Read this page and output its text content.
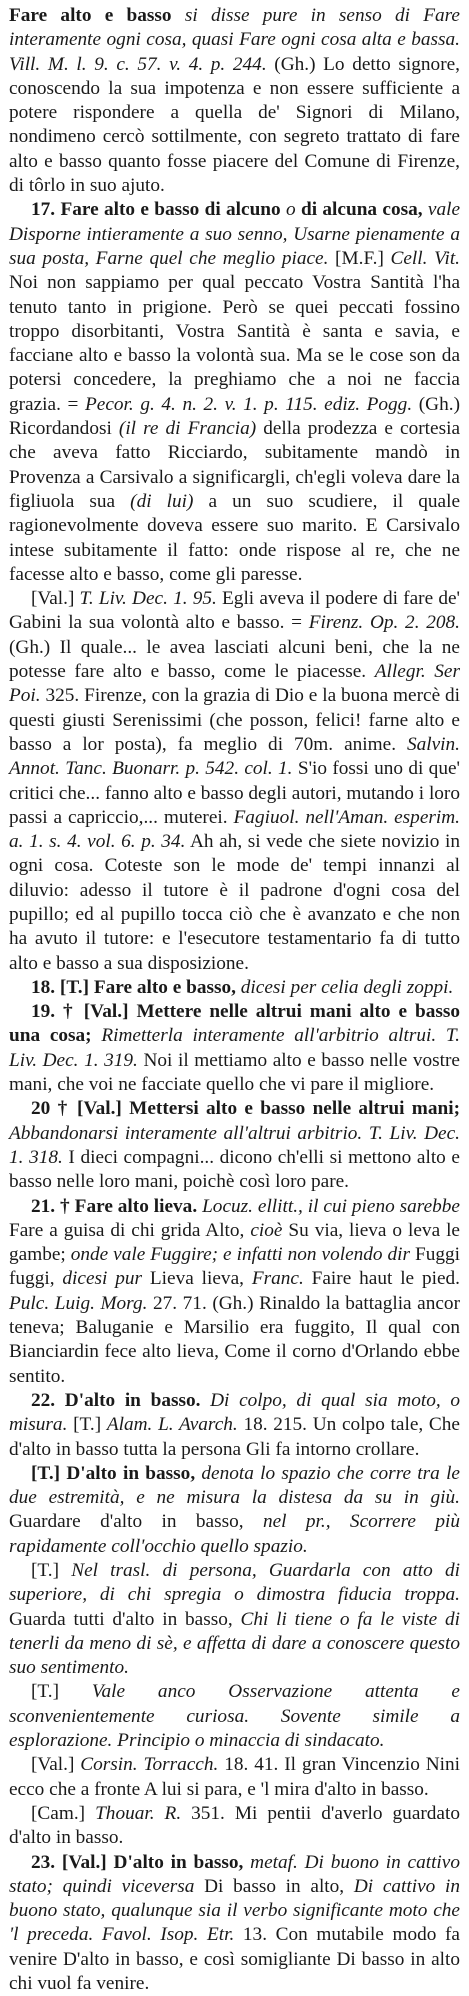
Fare alto e basso si disse pure in senso di Fare interamente ogni cosa, quasi Fare ogni cosa alta e bassa. Vill. M. l. 9. c. 57. v. 4. p. 244. (Gh.) Lo detto signore, conoscendo la sua impotenza e non essere sufficiente a potere rispondere a quella de' Signori di Milano, nondimeno cercò sottilmente, con segreto trattato di fare alto e basso quanto fosse piacere del Comune di Firenze, di tôrlo in suo ajuto.

17. Fare alto e basso di alcuno o di alcuna cosa, vale Disporne intieramente a suo senno, Usarne pienamente a sua posta, Farne quel che meglio piace. [M.F.] Cell. Vit. Noi non sappiamo per qual peccato Vostra Santità l'ha tenuto tanto in prigione. Però se quei peccati fossino troppo disorbitanti, Vostra Santità è santa e savia, e facciane alto e basso la volontà sua. Ma se le cose son da potersi concedere, la preghiamo che a noi ne faccia grazia. = Pecor. g. 4. n. 2. v. 1. p. 115. ediz. Pogg. (Gh.) Ricordandosi (il re di Francia) della prodezza e cortesia che aveva fatto Ricciardo, subitamente mandò in Provenza a Carsivalo a significargli, ch'egli voleva dare la figliuola sua (di lui) a un suo scudiere, il quale ragionevolmente doveva essere suo marito. E Carsivalo intese subitamente il fatto: onde rispose al re, che ne facesse alto e basso, come gli paresse.

[Val.] T. Liv. Dec. 1. 95. Egli aveva il podere di fare de' Gabini la sua volontà alto e basso. = Firenz. Op. 2. 208. (Gh.) Il quale... le avea lasciati alcuni beni, che la ne potesse fare alto e basso, come le piacesse. Allegr. Ser Poi. 325. Firenze, con la grazia di Dio e la buona mercè di questi giusti Serenissimi (che posson, felici! farne alto e basso a lor posta), fa meglio di 70m. anime. Salvin. Annot. Tanc. Buonarr. p. 542. col. 1. S'io fossi uno di que' critici che... fanno alto e basso degli autori, mutando i loro passi a capriccio,... muterei. Fagiuol. nell'Aman. esperim. a. 1. s. 4. vol. 6. p. 34. Ah ah, si vede che siete novizio in ogni cosa. Coteste son le mode de' tempi innanzi al diluvio: adesso il tutore è il padrone d'ogni cosa del pupillo; ed al pupillo tocca ciò che è avanzato e che non ha avuto il tutore: e l'esecutore testamentario fa di tutto alto e basso a sua disposizione.

18. [T.] Fare alto e basso, dicesi per celia degli zoppi.

19. † [Val.] Mettere nelle altrui mani alto e basso una cosa; Rimetterla interamente all'arbitrio altrui. T. Liv. Dec. 1. 319. Noi il mettiamo alto e basso nelle vostre mani, che voi ne facciate quello che vi pare il migliore.

20 † [Val.] Mettersi alto e basso nelle altrui mani; Abbandonarsi interamente all'altrui arbitrio. T. Liv. Dec. 1. 318. I dieci compagni... dicono ch'elli si mettono alto e basso nelle loro mani, poichè così loro pare.

21. † Fare alto lieva. Locuz. ellitt., il cui pieno sarebbe Fare a guisa di chi grida Alto, cioè Su via, lieva o leva le gambe; onde vale Fuggire; e infatti non volendo dir Fuggi fuggi, dicesi pur Lieva lieva, Franc. Faire haut le pied. Pulc. Luig. Morg. 27. 71. (Gh.) Rinaldo la battaglia ancor teneva; Baluganie e Marsilio era fuggito, Il qual con Bianciardin fece alto lieva, Come il corno d'Orlando ebbe sentito.

22. D'alto in basso. Di colpo, di qual sia moto, o misura. [T.] Alam. L. Avarch. 18. 215. Un colpo tale, Che d'alto in basso tutta la persona Gli fa intorno crollare.

[T.] D'alto in basso, denota lo spazio che corre tra le due estremità, e ne misura la distesa da su in giù. Guardare d'alto in basso, nel pr., Scorrere più rapidamente coll'occhio quello spazio.

[T.] Nel trasl. di persona, Guardarla con atto di superiore, di chi spregia o dimostra fiducia troppa. Guarda tutti d'alto in basso, Chi li tiene o fa le viste di tenerli da meno di sè, e affetta di dare a conoscere questo suo sentimento.

[T.] Vale anco Osservazione attenta e sconvenientemente curiosa. Sovente simile a esplorazione. Principio o minaccia di sindacato.

[Val.] Corsin. Torracch. 18. 41. Il gran Vincenzio Nini ecco che a fronte A lui si para, e 'l mira d'alto in basso.

[Cam.] Thouar. R. 351. Mi pentii d'averlo guardato d'alto in basso.

23. [Val.] D'alto in basso, metaf. Di buono in cattivo stato; quindi viceversa Di basso in alto, Di cattivo in buono stato, qualunque sia il verbo significante moto che 'l preceda. Favol. Isop. Etr. 13. Con mutabile modo fa venire D'alto in basso, e così somigliante Di basso in alto chi vuol fa venire.
